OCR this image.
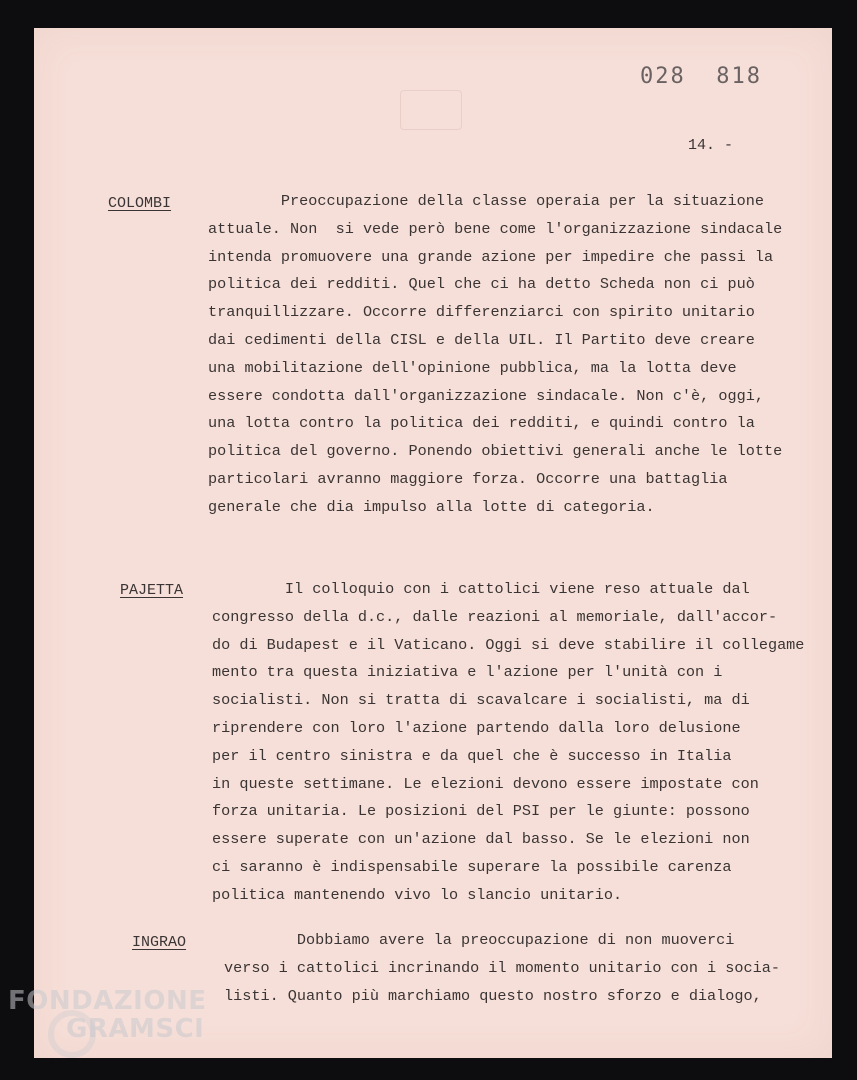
028  818
14. -
COLOMBI Preoccupazione della classe operaia per la situazione
attuale. Non  si vede però bene come l'organizzazione sindacale
intenda promuovere una grande azione per impedire che passi la
politica dei redditi. Quel che ci ha detto Scheda non ci può
tranquillizzare. Occorre differenziarci con spirito unitario
dai cedimenti della CISL e della UIL. Il Partito deve creare
una mobilitazione dell'opinione pubblica, ma la lotta deve
essere condotta dall'organizzazione sindacale. Non c'è, oggi,
una lotta contro la politica dei redditi, e quindi contro la
politica del governo. Ponendo obiettivi generali anche le lotte
particolari avranno maggiore forza. Occorre una battaglia
generale che dia impulso alla lotte di categoria.
PAJETTA Il colloquio con i cattolici viene reso attuale dal
congresso della d.c., dalle reazioni al memoriale, dall'accor-
do di Budapest e il Vaticano. Oggi si deve stabilire il collegame
mento tra questa iniziativa e l'azione per l'unità con i
socialisti. Non si tratta di scavalcare i socialisti, ma di
riprendere con loro l'azione partendo dalla loro delusione
per il centro sinistra e da quel che è successo in Italia
in queste settimane. Le elezioni devono essere impostate con
forza unitaria. Le posizioni del PSI per le giunte: possono
essere superate con un'azione dal basso. Se le elezioni non
ci saranno è indispensabile superare la possibile carenza
politica mantenendo vivo lo slancio unitario.
INGRAO Dobbiamo avere la preoccupazione di non muoverci
verso i cattolici incrinando il momento unitario con i socia-
listi. Quanto più marchiamo questo nostro sforzo e dialogo,
FONDAZIONE
GRAMSCI
